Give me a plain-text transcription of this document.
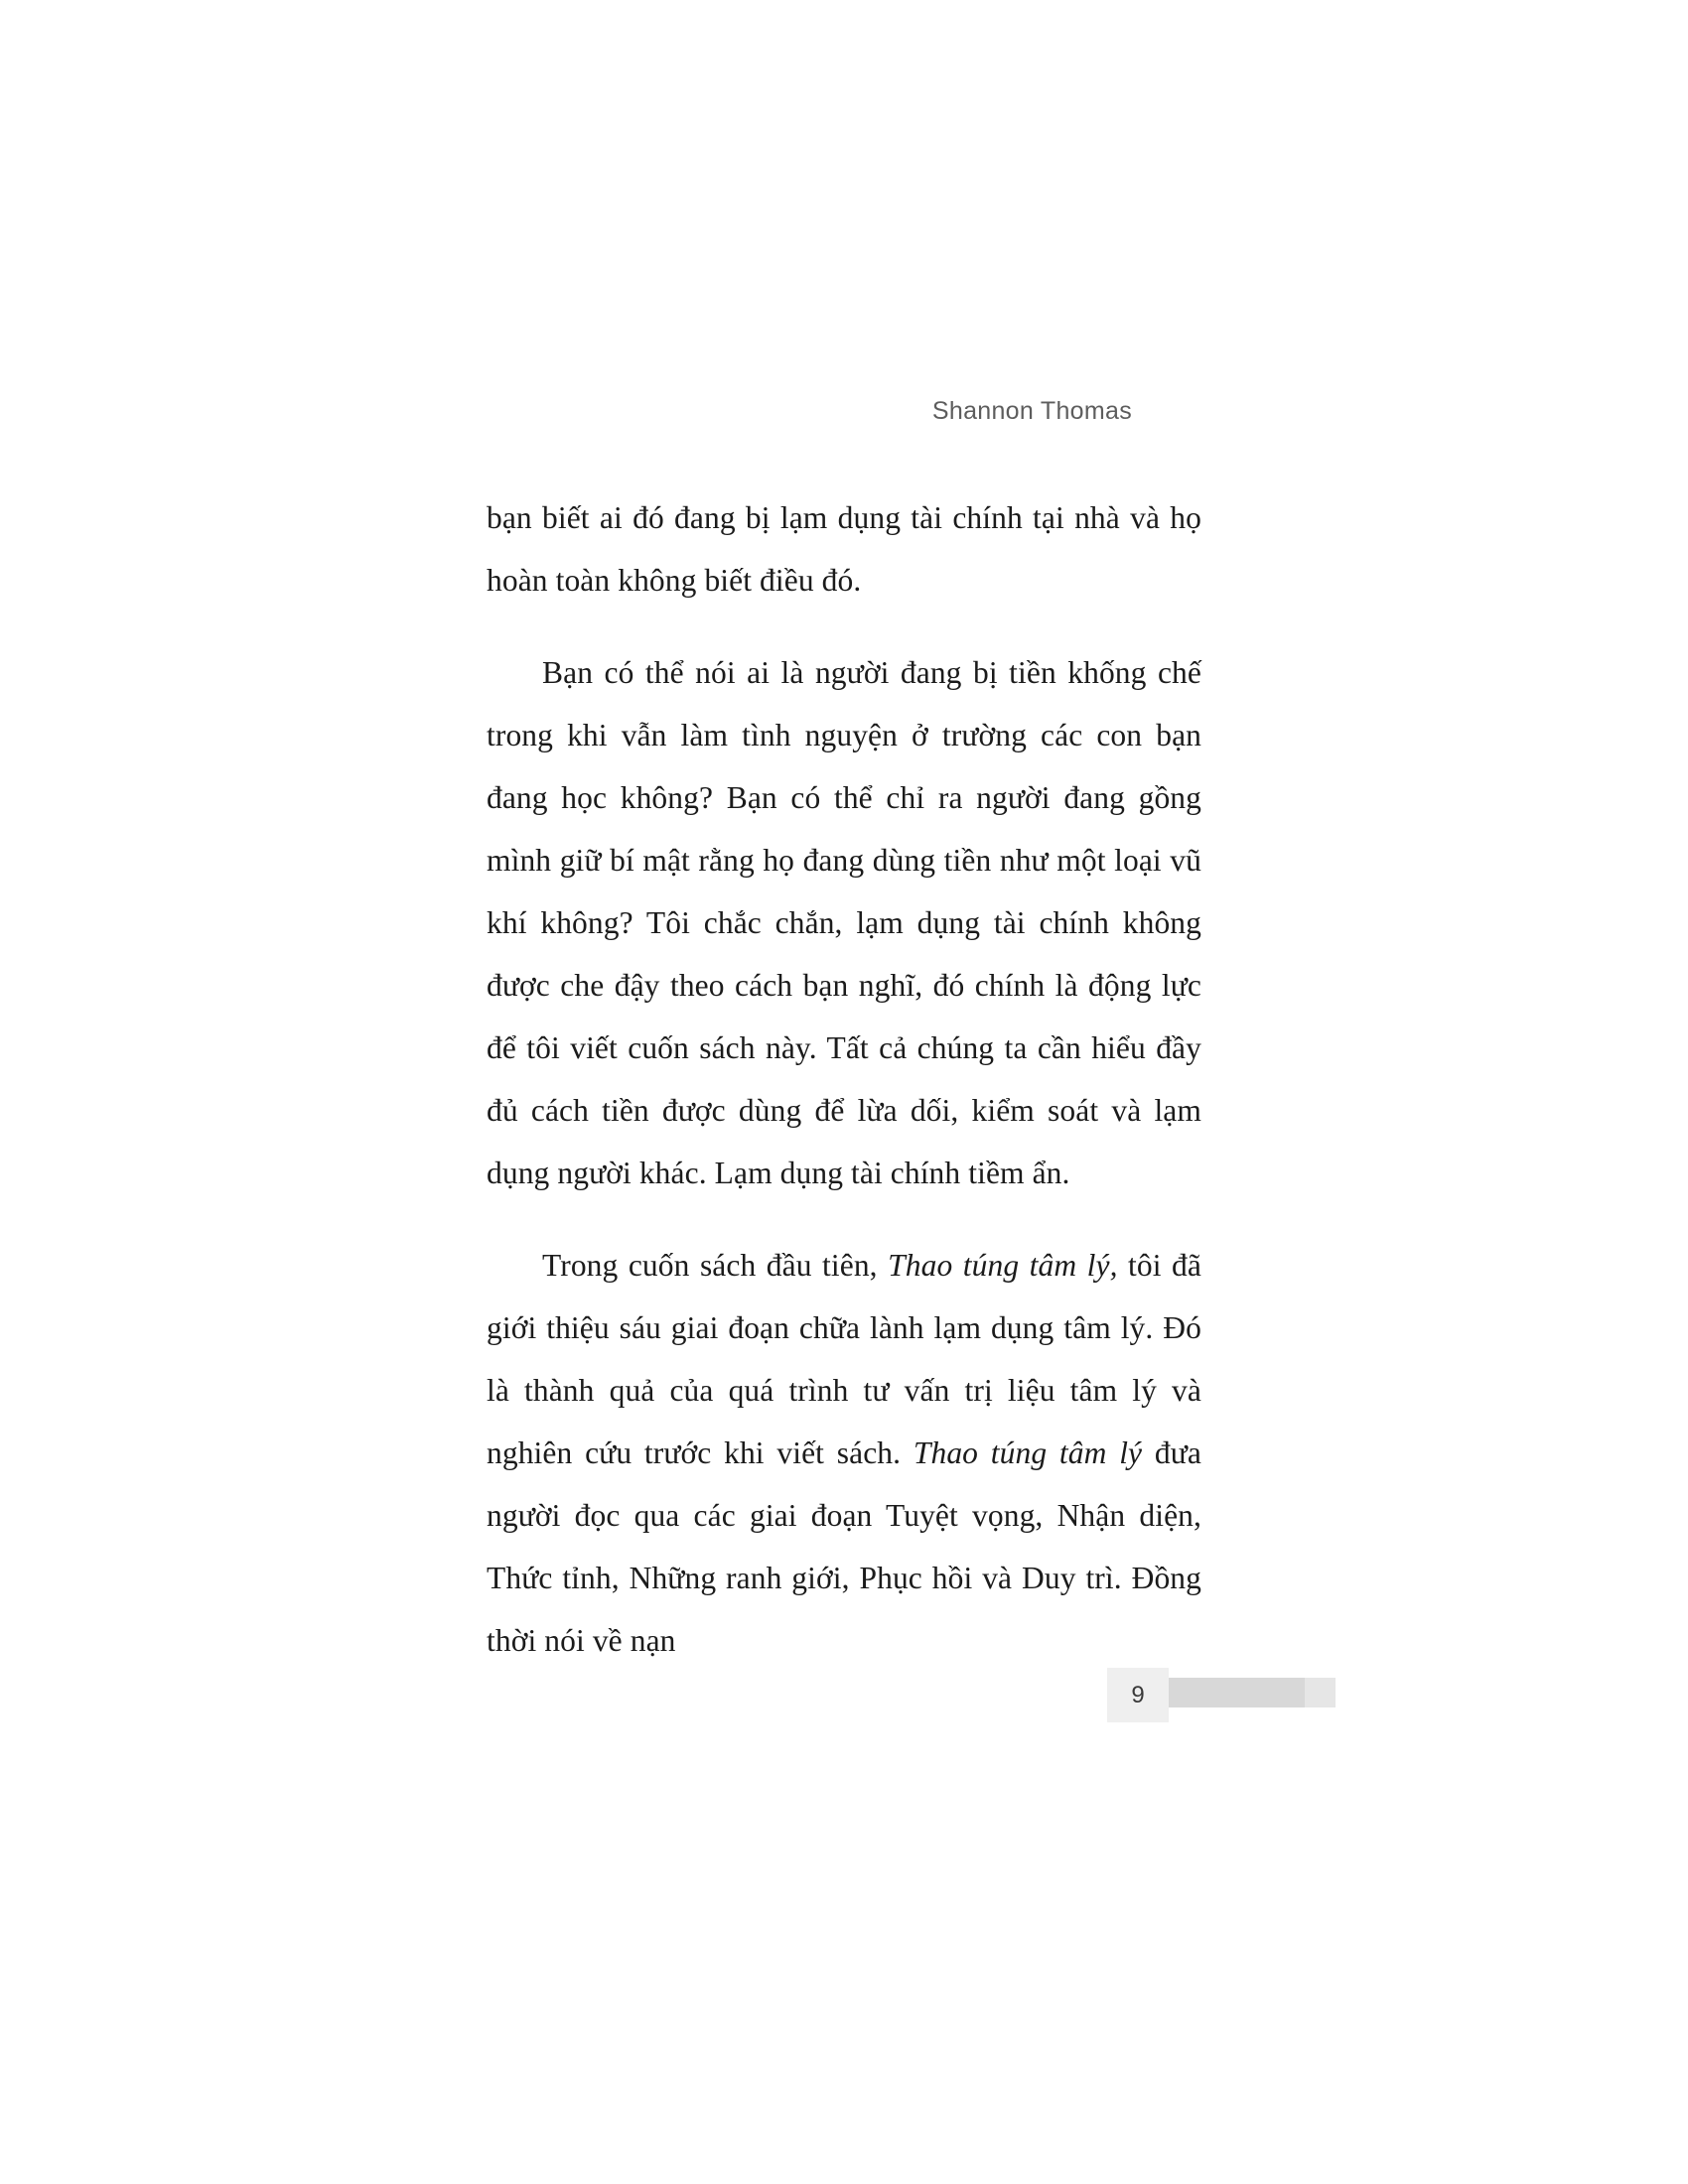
Shannon Thomas

bạn biết ai đó đang bị lạm dụng tài chính tại nhà và họ hoàn toàn không biết điều đó.

Bạn có thể nói ai là người đang bị tiền khống chế trong khi vẫn làm tình nguyện ở trường các con bạn đang học không? Bạn có thể chỉ ra người đang gồng mình giữ bí mật rằng họ đang dùng tiền như một loại vũ khí không? Tôi chắc chắn, lạm dụng tài chính không được che đậy theo cách bạn nghĩ, đó chính là động lực để tôi viết cuốn sách này. Tất cả chúng ta cần hiểu đầy đủ cách tiền được dùng để lừa dối, kiểm soát và lạm dụng người khác. Lạm dụng tài chính tiềm ẩn.

Trong cuốn sách đầu tiên, Thao túng tâm lý, tôi đã giới thiệu sáu giai đoạn chữa lành lạm dụng tâm lý. Đó là thành quả của quá trình tư vấn trị liệu tâm lý và nghiên cứu trước khi viết sách. Thao túng tâm lý đưa người đọc qua các giai đoạn Tuyệt vọng, Nhận diện, Thức tỉnh, Những ranh giới, Phục hồi và Duy trì. Đồng thời nói về nạn

9
